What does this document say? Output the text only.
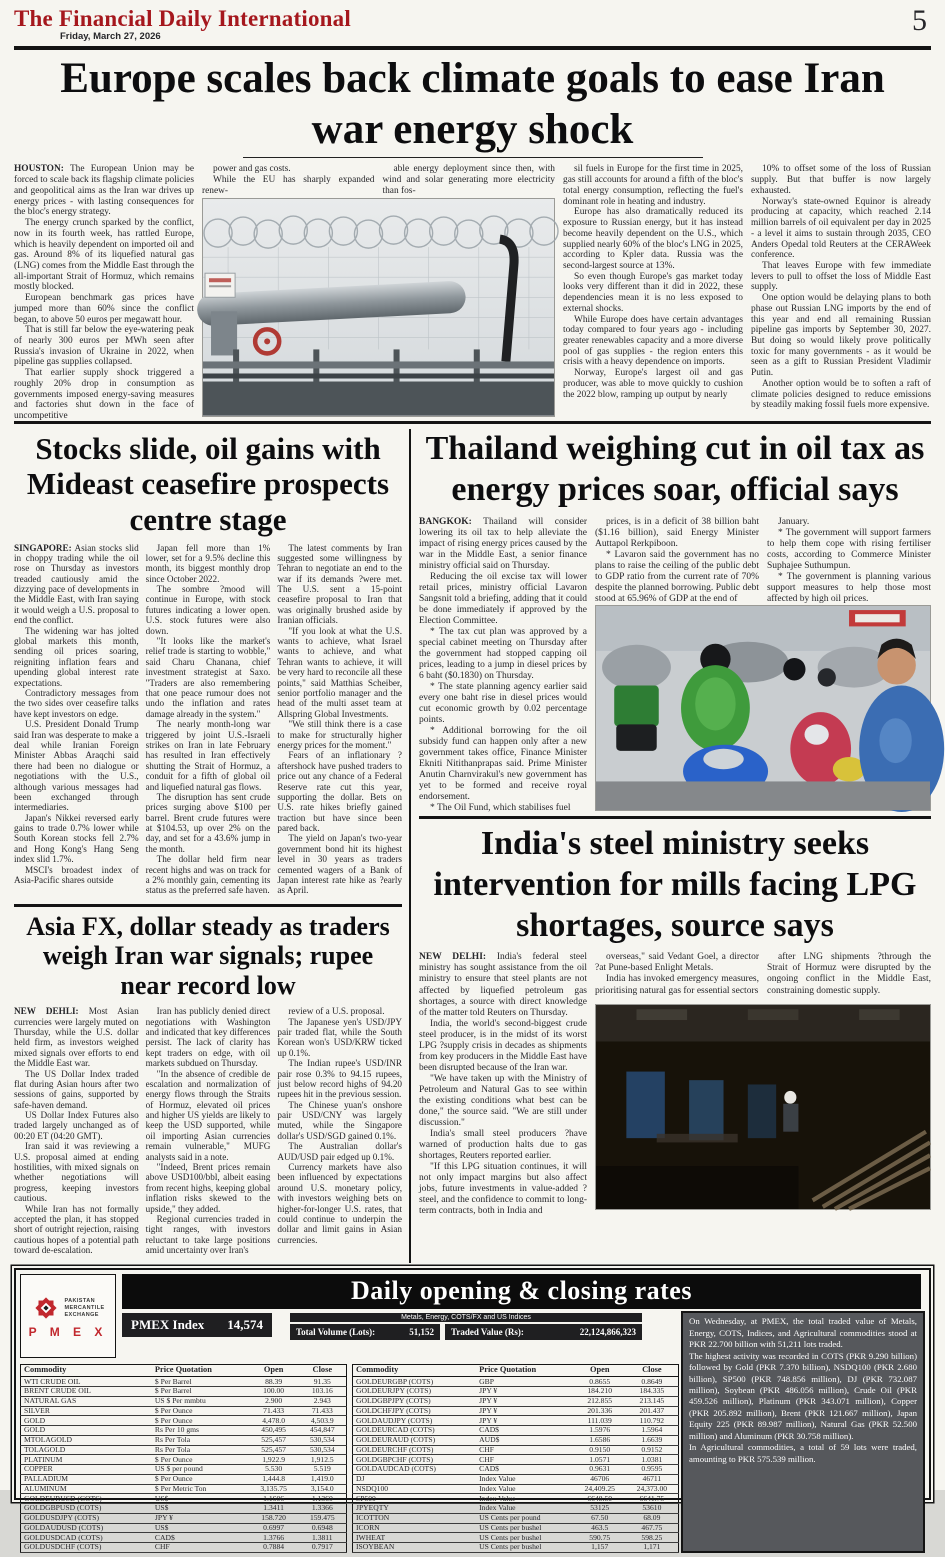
The Financial Daily International
Friday, March 27, 2026	5
Europe scales back climate goals to ease Iran war energy shock

HOUSTON: The European Union may be forced to scale back its flagship climate policies and geopolitical aims as the Iran war drives up energy prices - with lasting consequences for the bloc's energy strategy.

The energy crunch sparked by the conflict, now in its fourth week, has rattled Europe, which is heavily dependent on imported oil and gas. Around 8% of its liquefied natural gas (LNG) comes from the Middle East through the all-important Strait of Hormuz, which remains mostly blocked.

European benchmark gas prices have jumped more than 60% since the conflict began, to above 50 euros per megawatt hour.

That is still far below the eye-watering peak of nearly 300 euros per MWh seen after Russia's invasion of Ukraine in 2022, when pipeline gas supplies collapsed.

That earlier supply shock triggered a roughly 20% drop in consumption as governments imposed energy-saving measures and factories shut down in the face of uncompetitive

power and gas costs.

While the EU has sharply expanded renew-

able energy deployment since then, with wind and solar generating more electricity than fos-

sil fuels in Europe for the first time in 2025, gas still accounts for around a fifth of the bloc's total energy consumption, reflecting the fuel's dominant role in heating and industry.

Europe has also dramatically reduced its exposure to Russian energy, but it has instead become heavily dependent on the U.S., which supplied nearly 60% of the bloc's LNG in 2025, according to Kpler data. Russia was the second-largest source at 13%.

So even though Europe's gas market today looks very different than it did in 2022, these dependencies mean it is no less exposed to external shocks.

While Europe does have certain advantages today compared to four years ago - including greater renewables capacity and a more diverse pool of gas supplies - the region enters this crisis with a heavy dependence on imports.

Norway, Europe's largest oil and gas producer, was able to move quickly to cushion the 2022 blow, ramping up output by nearly

10% to offset some of the loss of Russian supply. But that buffer is now largely exhausted.

Norway's state-owned Equinor is already producing at capacity, which reached 2.14 million barrels of oil equivalent per day in 2025 - a level it aims to sustain through 2035, CEO Anders Opedal told Reuters at the CERAWeek conference.

That leaves Europe with few immediate levers to pull to offset the loss of Middle East supply.

One option would be delaying plans to both phase out Russian LNG imports by the end of this year and end all remaining Russian pipeline gas imports by September 30, 2027. But doing so would likely prove politically toxic for many governments - as it would be seen as a gift to Russian President Vladimir Putin.

Another option would be to soften a raft of climate policies designed to reduce emissions by steadily making fossil fuels more expensive.

Stocks slide, oil gains with Mideast ceasefire prospects centre stage

SINGAPORE: Asian stocks slid in choppy trading while the oil rose on Thursday as investors treaded cautiously amid the dizzying pace of developments in the Middle East, with Iran saying it would weigh a U.S. proposal to end the conflict.

The widening war has jolted global markets this month, sending oil prices soaring, reigniting inflation fears and upending global interest rate expectations.

Contradictory messages from the two sides over ceasefire talks have kept investors on edge.

U.S. President Donald Trump said Iran was desperate to make a deal while Iranian Foreign Minister Abbas Araqchi said there had been no dialogue or negotiations with the U.S., although various messages had been exchanged through intermediaries.

Japan's Nikkei reversed early gains to trade 0.7% lower while South Korean stocks fell 2.7% and Hong Kong's Hang Seng index slid 1.7%.

MSCI's broadest index of Asia-Pacific shares outside

Japan fell more than 1% lower, set for a 9.5% decline this month, its biggest monthly drop since October 2022.

The sombre ?mood will continue in Europe, with stock futures indicating a lower open. U.S. stock futures were also down.

"It looks like the market's relief trade is starting to wobble," said Charu Chanana, chief investment strategist at Saxo. "Traders are also remembering that one peace rumour does not undo the inflation and rates damage already in the system."

The nearly month-long war triggered by joint U.S.-Israeli strikes on Iran in late February has resulted in Iran effectively shutting the Strait of Hormuz, a conduit for a fifth of global oil and liquefied natural gas flows.

The disruption has sent crude prices surging above $100 per barrel. Brent crude futures were at $104.53, up over 2% on the day, and set for a 43.6% jump in the month.

The dollar held firm near recent highs and was on track for a 2% monthly gain, cementing its status as the preferred safe haven.

The latest comments by Iran suggested some willingness by Tehran to negotiate an end to the war if its demands ?were met. The U.S. sent a 15-point ceasefire proposal to Iran that was originally brushed aside by Iranian officials.

"If you look at what the U.S. wants to achieve, what Israel wants to achieve, and what Tehran wants to achieve, it will be very hard to reconcile all these points," said Matthias Scheiber, senior portfolio manager and the head of the multi asset team at Allspring Global Investments.

"We still think there is a case to make for structurally higher energy prices for the moment."

Fears of an inflationary ?aftershock have pushed traders to price out any chance of a Federal Reserve rate cut this year, supporting the dollar. Bets on U.S. rate hikes briefly gained traction but have since been pared back.

The yield on Japan's two-year government bond hit its highest level in 30 years as traders cemented wagers of a Bank of Japan interest rate hike as ?early as April.

Asia FX, dollar steady as traders weigh Iran war signals; rupee near record low

NEW DEHLI: Most Asian currencies were largely muted on Thursday, while the U.S. dollar held firm, as investors weighed mixed signals over efforts to end the Middle East war.

The US Dollar Index traded flat during Asian hours after two sessions of gains, supported by safe-haven demand.

US Dollar Index Futures also traded largely unchanged as of 00:20 ET (04:20 GMT).

Iran said it was reviewing a U.S. proposal aimed at ending hostilities, with mixed signals on whether negotiations will progress, keeping investors cautious.

While Iran has not formally accepted the plan, it has stopped short of outright rejection, raising cautious hopes of a potential path toward de-escalation.

Iran has publicly denied direct negotiations with Washington and indicated that key differences persist. The lack of clarity has kept traders on edge, with oil markets subdued on Thursday.

"In the absence of credible de escalation and normalization of energy flows through the Straits of Hormuz, elevated oil prices and higher US yields are likely to keep the USD supported, while oil importing Asian currencies remain vulnerable," MUFG analysts said in a note.

"Indeed, Brent prices remain above USD100/bbl, albeit easing from recent highs, keeping global inflation risks skewed to the upside," they added.

Regional currencies traded in tight ranges, with investors reluctant to take large positions amid uncertainty over Iran's

review of a U.S. proposal.

The Japanese yen's USD/JPY pair traded flat, while the South Korean won's USD/KRW ticked up 0.1%.

The Indian rupee's USD/INR pair rose 0.3% to 94.15 rupees, just below record highs of 94.20 rupees hit in the previous session.

The Chinese yuan's onshore pair USD/CNY was largely muted, while the Singapore dollar's USD/SGD gained 0.1%.

The Australian dollar's AUD/USD pair edged up 0.1%.

Currency markets have also been influenced by expectations around U.S. monetary policy, with investors weighing bets on higher-for-longer U.S. rates, that could continue to underpin the dollar and limit gains in Asian currencies.

Thailand weighing cut in oil tax as energy prices soar, official says

BANGKOK: Thailand will consider lowering its oil tax to help alleviate the impact of rising energy prices caused by the war in the Middle East, a senior finance ministry official said on Thursday.

Reducing the oil excise tax will lower retail prices, ministry official Lavaron Sangsnit told a briefing, adding that it could be done immediately if approved by the Election Committee.

* The tax cut plan was approved by a special cabinet meeting on Thursday after the government had stopped capping oil prices, leading to a jump in diesel prices by 6 baht ($0.1830) on Thursday.

* The state planning agency earlier said every one baht rise in diesel prices would cut economic growth by 0.02 percentage points.

* Additional borrowing for the oil subsidy fund can happen only after a new government takes office, Finance Minister Ekniti Nitithanprapas said. Prime Minister Anutin Charnvirakul's new government has yet to be formed and receive royal endorsement.

* The Oil Fund, which stabilises fuel

prices, is in a deficit of 38 billion baht ($1.16 billion), said Energy Minister Auttapol Rerkpiboon.

* Lavaron said the government has no plans to raise the ceiling of the public debt to GDP ratio from the current rate of 70% despite the planned borrowing. Public debt stood at 65.96% of GDP at the end of

January.

* The government will support farmers to help them cope with rising fertiliser costs, according to Commerce Minister Suphajee Suthumpun.

* The government is planning various support measures to help those most affected by high oil prices.

India's steel ministry seeks intervention for mills facing LPG shortages, source says

NEW DELHI: India's federal steel ministry has sought assistance from the oil ministry to ensure that steel plants are not affected by liquefied petroleum gas shortages, a source with direct knowledge of the matter told Reuters on Thursday.

India, the world's second-biggest crude steel producer, is in the midst of its worst LPG ?supply crisis in decades as shipments from key producers in the Middle East have been disrupted because of the Iran war.

"We have taken up with the Ministry of Petroleum and Natural Gas to see within the existing conditions what best can be done," the source said. "We are still under discussion."

India's small steel producers ?have warned of production halts due to gas shortages, Reuters reported earlier.

"If this LPG situation continues, it will not only impact margins but also affect jobs, future investments in value-added ?steel, and the confidence to commit to long-term contracts, both in India and

overseas," said Vedant Goel, a director ?at Pune-based Enlight Metals.

India has invoked emergency measures, prioritising natural gas for essential sectors

after LNG shipments ?through the Strait of Hormuz were disrupted by the ongoing conflict in the Middle East, constraining domestic supply.

PAKISTAN
MERCANTILE
EXCHANGE
P M E X
Daily opening & closing rates
PMEX Index 14,574	Metals, Energy, COTS/FX and US Indices
Total Volume (Lots):	51,152 Traded Value (Rs):	22,124,866,323
Commodity	Price Quotation	Open	Close
WTI CRUDE OIL	$ Per Barrel	88.39	91.35
BRENT CRUDE OIL	$ Per Barrel	100.00	103.16
NATURAL GAS	US $ Per mmbtu	2.900	2.943
SILVER	$ Per Ounce	71.433	71.433
GOLD	$ Per Ounce	4,478.0	4,503.9
GOLD	Rs Per 10 gms	450,495	454,847
MTOLAGOLD	Rs Per Tola	525,457	530,534
TOLAGOLD	Rs Per Tola	525,457	530,534
PLATINUM	$ Per Ounce	1,922.9	1,912.5
COPPER	US $ per pound	5.530	5.519
PALLADIUM	$ Per Ounce	1,444.8	1,419.0
ALUMINUM	$ Per Metric Ton	3,135.75	3,154.0
GOLDEURUSD (COTS)	US$	1.1606	1.1360
GOLDGBPUSD (COTS)	US$	1.3411	1.3366
GOLDUSDJPY (COTS)	JPY ¥	158.720	159.475
GOLDAUDUSD (COTS)	US$	0.6997	0.6948
GOLDUSDCAD (COTS)	CAD$	1.3766	1.3811
GOLDUSDCHF (COTS)	CHF	0.7884	0.7917
Commodity	Price Quotation	Open	Close
GOLDEURGBP (COTS)	GBP	0.8655	0.8649
GOLDEURJPY (COTS)	JPY ¥	184.210	184.335
GOLDGBPJPY (COTS)	JPY ¥	212.855	213.145
GOLDCHFJPY (COTS)	JPY ¥	201.336	201.437
GOLDAUDJPY (COTS)	JPY ¥	111.039	110.792
GOLDEURCAD (COTS)	CAD$	1.5976	1.5964
GOLDEURAUD (COTS)	AUD$	1.6586	1.6639
GOLDEURCHF (COTS)	CHF	0.9150	0.9152
GOLDGBPCHF (COTS)	CHF	1.0571	1.0381
GOLDAUDCAD (COTS)	CAD$	0.9631	0.9595
DJ	Index Value	46706	46711
NSDQ100	Index Value	24,409.25	24,373.00
SP500	Index Value	6648.50	6641.75
JPYEQTY	Index Value	53125	53610
ICOTTON	US Cents per pound	67.50	68.09
ICORN	US Cents per bushel	463.5	467.75
IWHEAT	US Cents per bushel	590.75	598.25
ISOYBEAN	US Cents per bushel	1,157	1,171

On Wednesday, at PMEX, the total traded value of Metals, Energy, COTS, Indices, and Agricultural commodities stood at PKR 22.700 billion with 51,211 lots traded.

The highest activity was recorded in COTS (PKR 9.290 billion) followed by Gold (PKR 7.370 billion), NSDQ100 (PKR 2.680 billion), SP500 (PKR 748.856 million), DJ (PKR 732.087 million), Soybean (PKR 486.056 million), Crude Oil (PKR 459.526 million), Platinum (PKR 343.071 million), Copper (PKR 205.892 million), Brent (PKR 121.667 million), Japan Equity 225 (PKR 89.987 million), Natural Gas (PKR 52.500 million) and Aluminum (PKR 30.758 million).

In Agricultural commodities, a total of 59 lots were traded, amounting to PKR 575.539 million.
